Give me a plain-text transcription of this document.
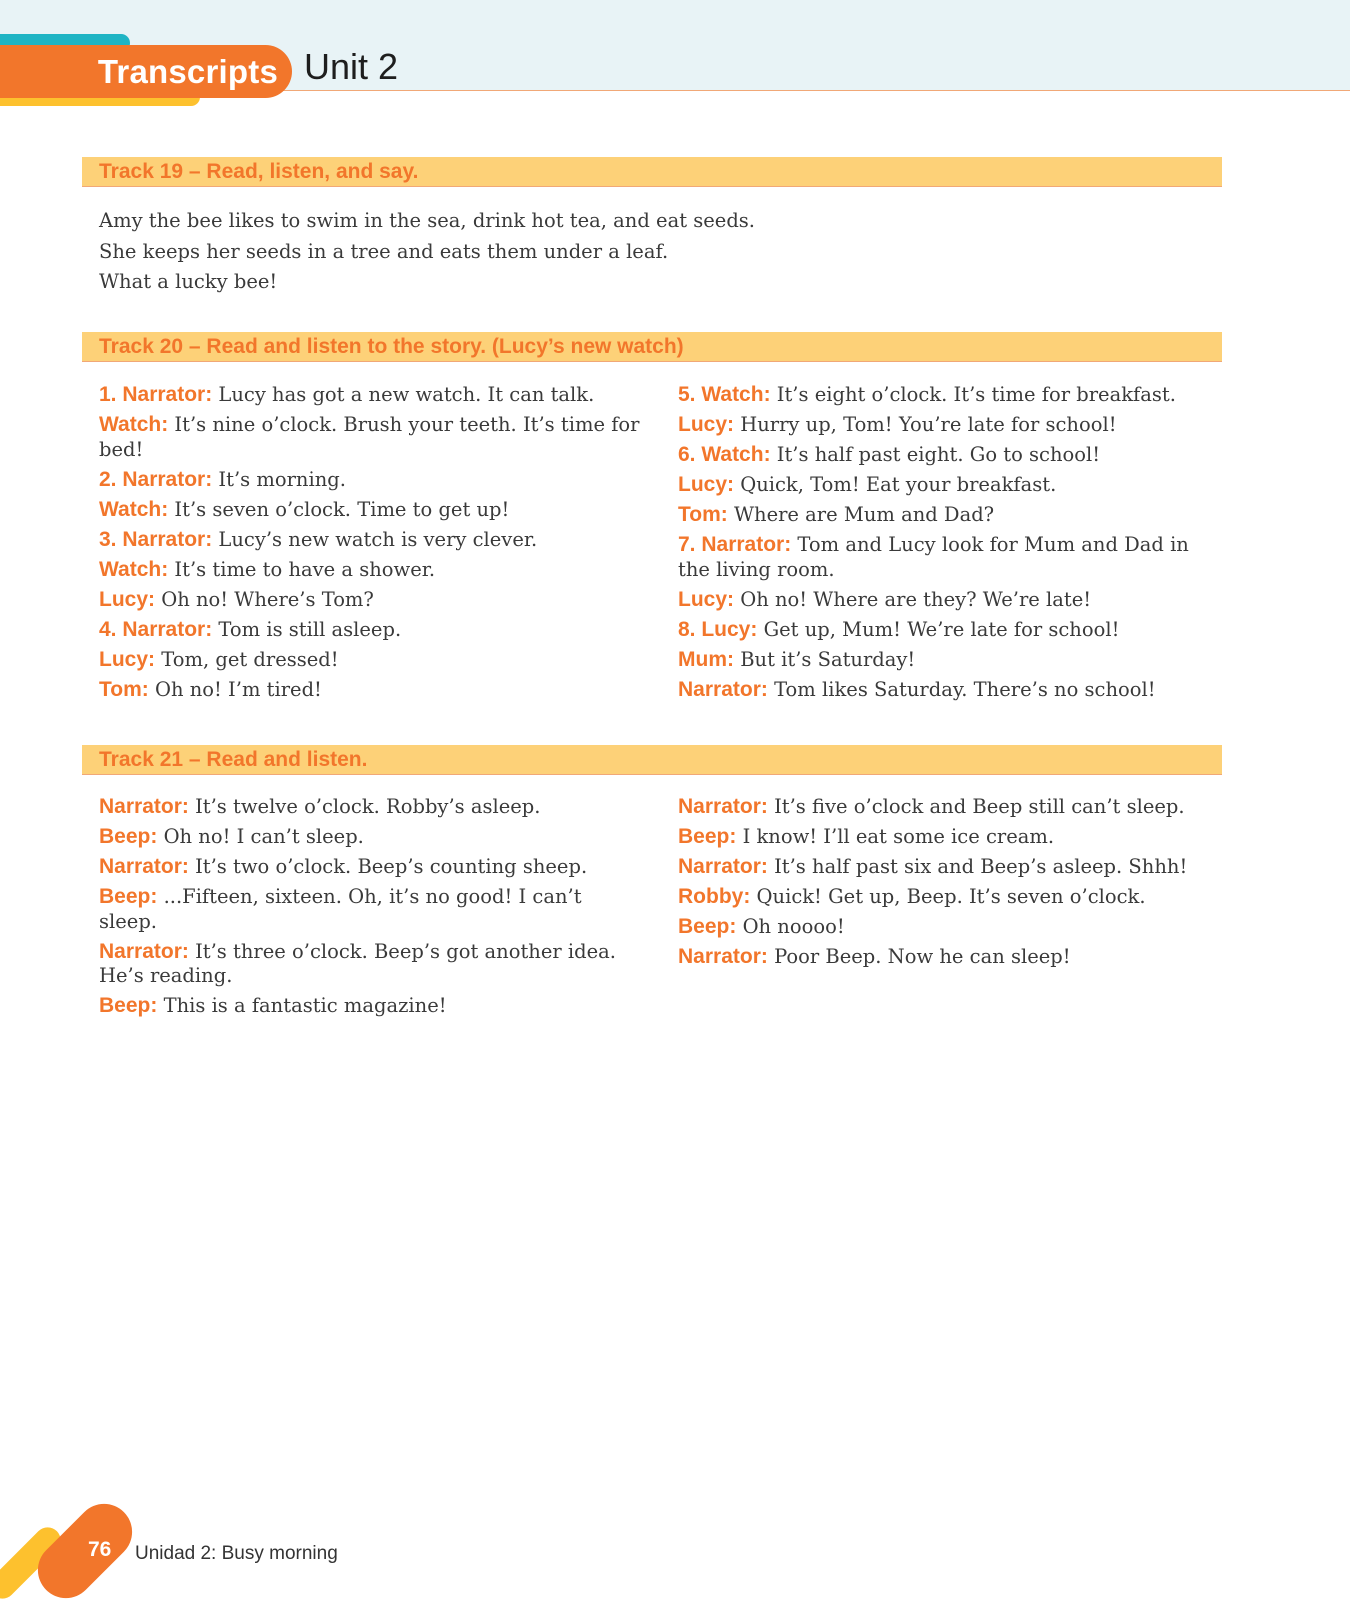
Transcripts Unit 2
Track 19 – Read, listen, and say.
Amy the bee likes to swim in the sea, drink hot tea, and eat seeds.
She keeps her seeds in a tree and eats them under a leaf.
What a lucky bee!
Track 20 – Read and listen to the story. (Lucy’s new watch)
1. Narrator: Lucy has got a new watch. It can talk.
Watch: It’s nine o’clock. Brush your teeth. It’s time for bed!
2. Narrator: It’s morning.
Watch: It’s seven o’clock. Time to get up!
3. Narrator: Lucy’s new watch is very clever.
Watch: It’s time to have a shower.
Lucy: Oh no! Where’s Tom?
4. Narrator: Tom is still asleep.
Lucy: Tom, get dressed!
Tom: Oh no! I’m tired!
5. Watch: It’s eight o’clock. It’s time for breakfast.
Lucy: Hurry up, Tom! You’re late for school!
6. Watch: It’s half past eight. Go to school!
Lucy: Quick, Tom! Eat your breakfast.
Tom: Where are Mum and Dad?
7. Narrator: Tom and Lucy look for Mum and Dad in the living room.
Lucy: Oh no! Where are they? We’re late!
8. Lucy: Get up, Mum! We’re late for school!
Mum: But it’s Saturday!
Narrator: Tom likes Saturday. There’s no school!
Track 21 – Read and listen.
Narrator: It’s twelve o’clock. Robby’s asleep.
Beep: Oh no! I can’t sleep.
Narrator: It’s two o’clock. Beep’s counting sheep.
Beep: ...Fifteen, sixteen. Oh, it’s no good! I can’t sleep.
Narrator: It’s three o’clock. Beep’s got another idea. He’s reading.
Beep: This is a fantastic magazine!
Narrator: It’s five o’clock and Beep still can’t sleep.
Beep: I know! I’ll eat some ice cream.
Narrator: It’s half past six and Beep’s asleep. Shhh!
Robby: Quick! Get up, Beep. It’s seven o’clock.
Beep: Oh noooo!
Narrator: Poor Beep. Now he can sleep!
76 Unidad 2: Busy morning
